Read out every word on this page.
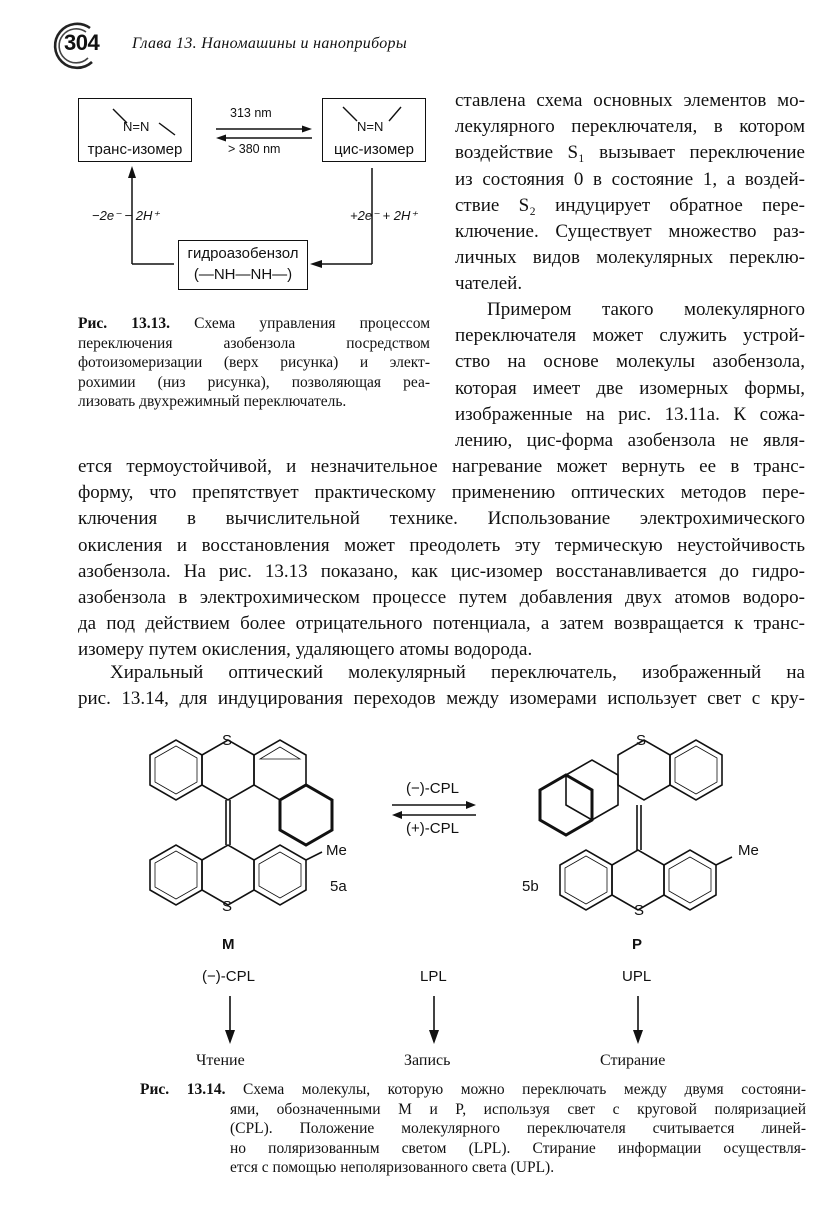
304 Глава 13. Наномашины и наноприборы
N=N
транс-изомер
313 nm
> 380 nm
N=N
цис-изомер
−2e⁻ − 2H⁺	+2e⁻ + 2H⁺
гидроазобензол
(—NH—NH—)
Рис. 13.13. Схема управления процессом
переключения азобензола посредством
фотоизомеризации (верх рисунка) и элект-
рохимии (низ рисунка), позволяющая реа-
лизовать двухрежимный переключатель.
ставлена схема основных элементов мо-
лекулярного переключателя, в котором
воздействие S₁ вызывает переключение
из состояния 0 в состояние 1, а воздей-
ствие S₂ индуцирует обратное пере-
ключение. Существует множество раз-
личных видов молекулярных переклю-
чателей.
Примером такого молекулярного
переключателя может служить устрой-
ство на основе молекулы азобензола,
которая имеет две изомерных формы,
изображенные на рис. 13.11а. К сожа-
лению, цис-форма азобензола не явля-
ется термоустойчивой, и незначительное нагревание может вернуть ее в транс-
форму, что препятствует практическому применению оптических методов пере-
ключения в вычислительной технике. Использование электрохимического
окисления и восстановления может преодолеть эту термическую неустойчивость
азобензола. На рис. 13.13 показано, как цис-изомер восстанавливается до гидро-
азобензола в электрохимическом процессе путем добавления двух атомов водоро-
да под действием более отрицательного потенциала, а затем возвращается к транс-
изомеру путем окисления, удаляющего атомы водорода.
Хиральный оптический молекулярный переключатель, изображенный на
рис. 13.14, для индуцирования переходов между изомерами использует свет с кру-
S
S
Me
5a
(−)-CPL
(+)-CPL
S
S
Me
5b
M	P
(−)-CPL	LPL	UPL
Чтение	Запись	Стирание
Рис. 13.14. Схема молекулы, которую можно переключать между двумя состояни-
ями, обозначенными M и P, используя свет с круговой поляризацией
(CPL). Положение молекулярного переключателя считывается линей-
но поляризованным светом (LPL). Стирание информации осуществля-
ется с помощью неполяризованного света (UPL).
